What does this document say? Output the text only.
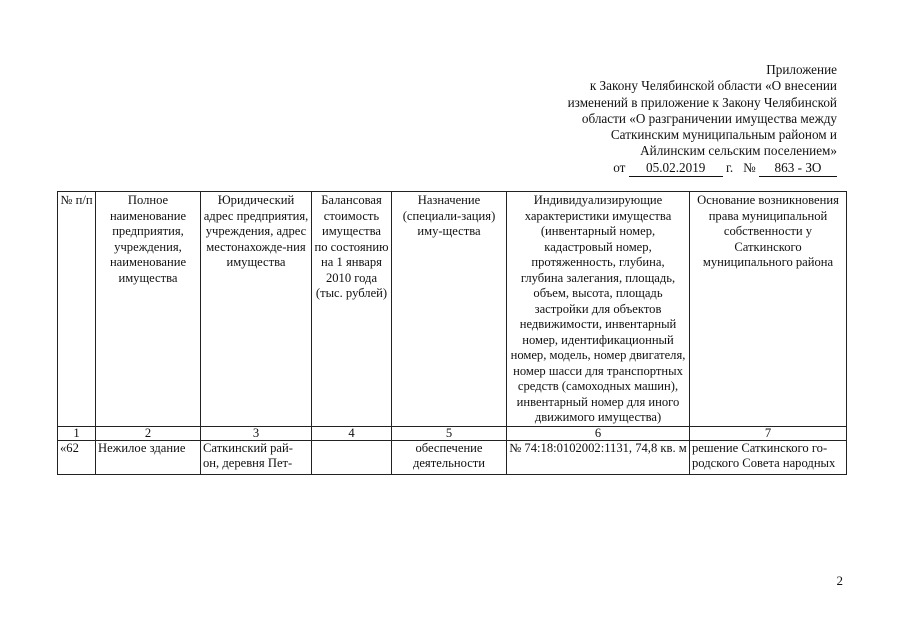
Приложение
к Закону Челябинской области «О внесении
изменений в приложение к Закону Челябинской
области «О разграничении имущества между
Саткинским муниципальным районом и
Айлинским сельским поселением»
от 05.02.2019 г. № 863 - ЗО
№ п/п	Полное наименование предприятия, учреждения, наименование имущества	Юридический адрес предприятия, учреждения, адрес местонахожде-ния имущества	Балансовая стоимость имущества по состоянию на 1 января 2010 года (тыс. рублей)	Назначение (специали-зация) иму-щества	Индивидуализирующие характеристики имущества (инвентарный номер, кадастровый номер, протяженность, глубина, глубина залегания, площадь, объем, высота, площадь застройки для объектов недвижимости, инвентарный номер, идентификационный номер, модель, номер двигателя, номер шасси для транспортных средств (самоходных машин), инвентарный номер для иного движимого имущества)	Основание возникновения права муниципальной собственности у Саткинского муниципального района
1	2	3	4	5	6	7
«62	Нежилое здание	Саткинский рай-он, деревня Пет-		обеспечение деятельности	№ 74:18:0102002:1131, 74,8 кв. м	решение Саткинского го-родского Совета народных
2
